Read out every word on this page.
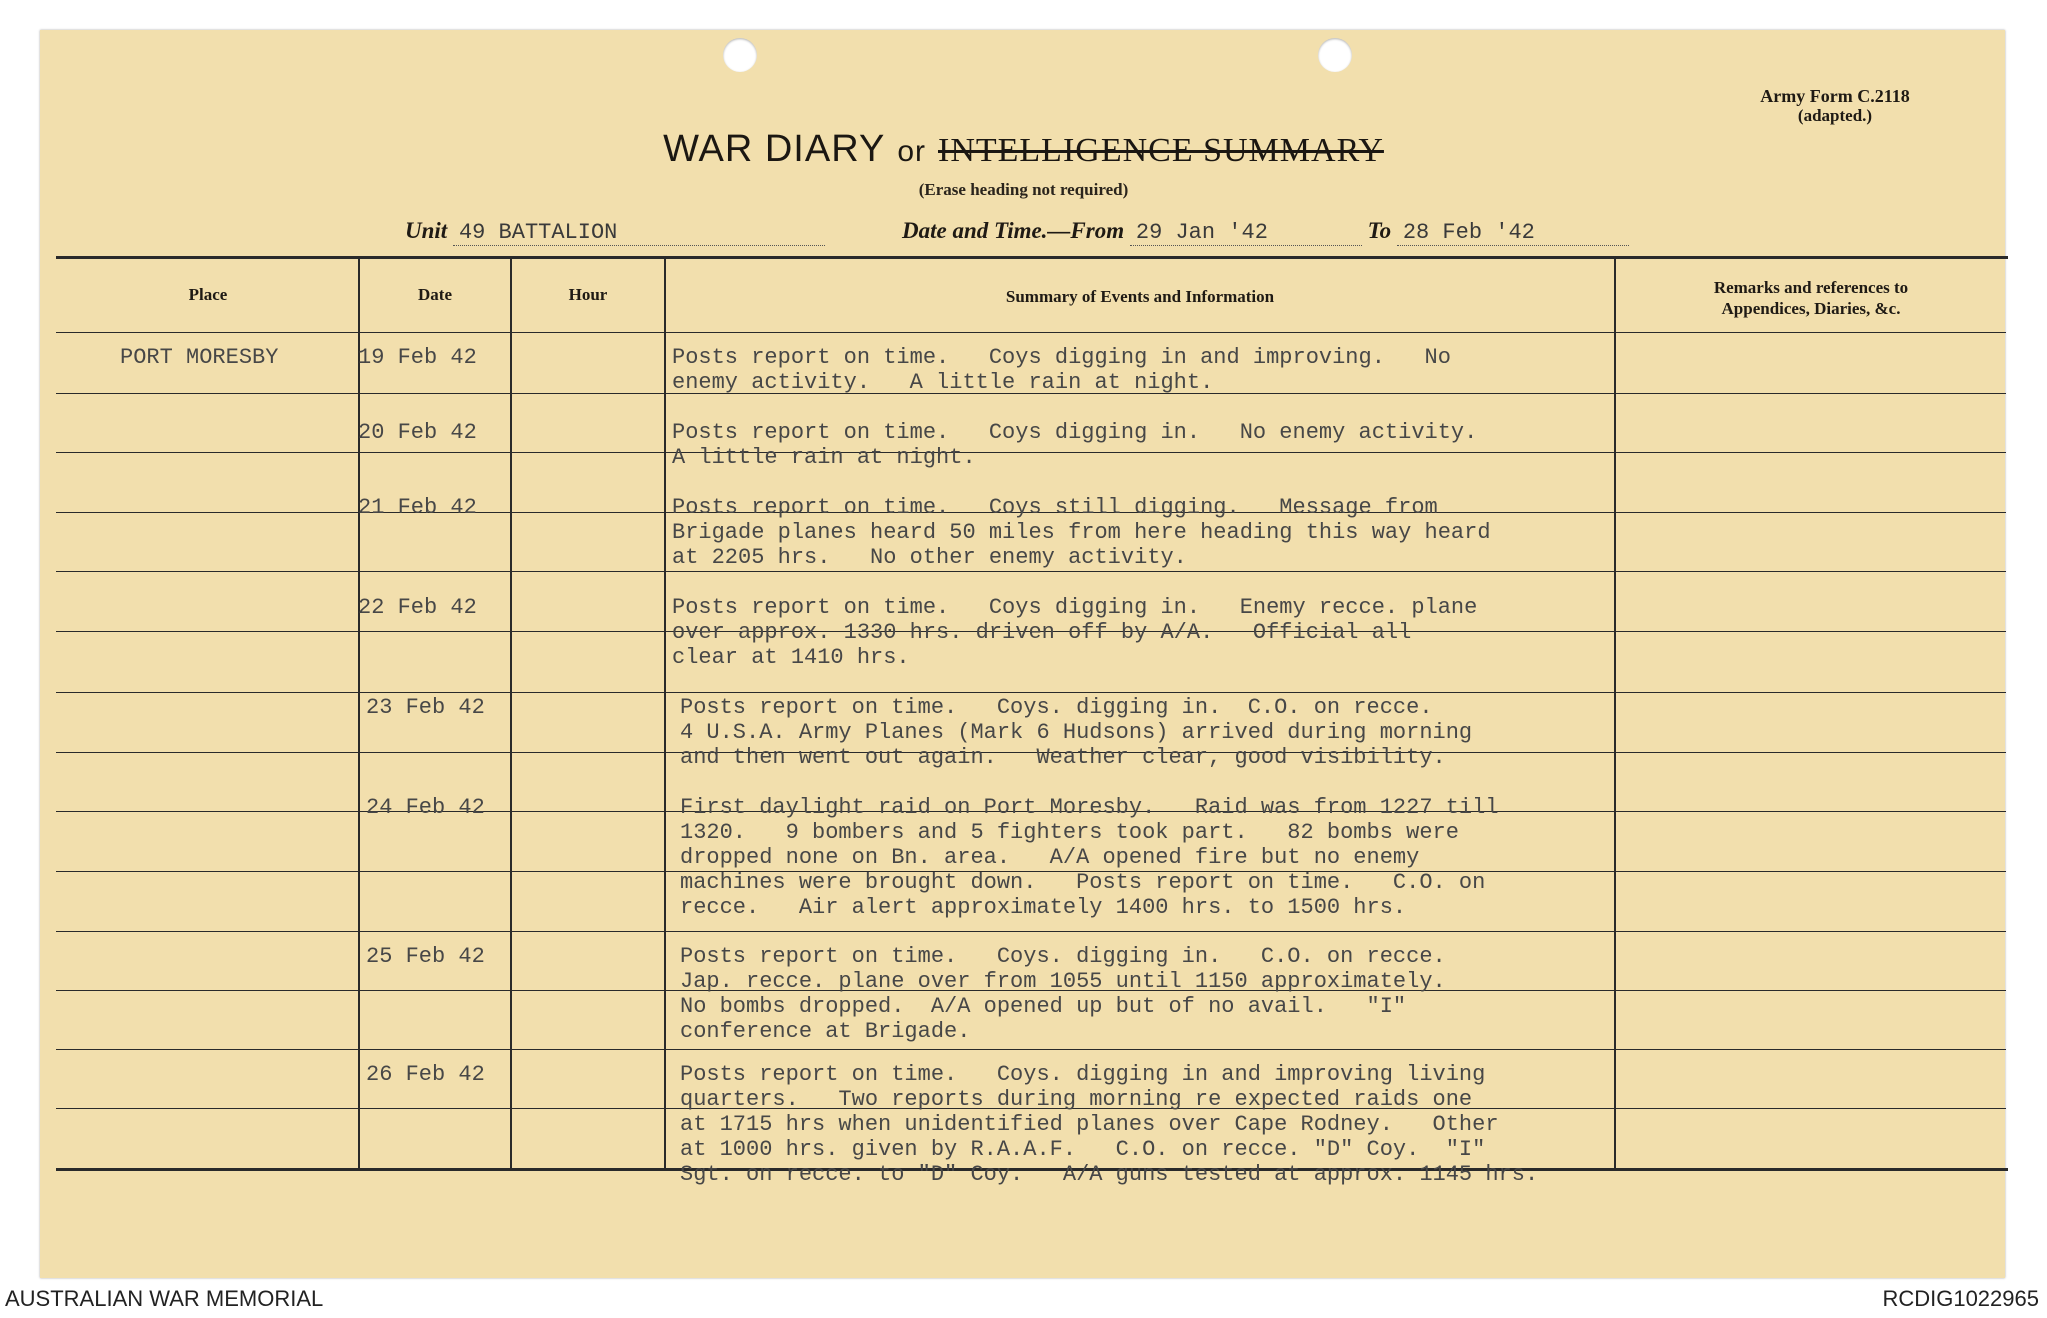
Army Form C.2118
(adapted.)
WAR DIARY or INTELLIGENCE SUMMARY
(Erase heading not required)
Unit 49 BATTALION	Date and Time.—From 29 Jan '42	To 28 Feb '42
Place	Date	Hour	Summary of Events and Information	Remarks and references to
Appendices, Diaries, &c.
PORT MORESBY	19 Feb 42	Posts report on time.   Coys digging in and improving.   No
enemy activity.   A little rain at night.
20 Feb 42	Posts report on time.   Coys digging in.   No enemy activity.
A little rain at night.
21 Feb 42	Posts report on time.   Coys still digging.   Message from
Brigade planes heard 50 miles from here heading this way heard
at 2205 hrs.   No other enemy activity.
22 Feb 42	Posts report on time.   Coys digging in.   Enemy recce. plane
over approx. 1330 hrs. driven off by A/A.   Official all
clear at 1410 hrs.
23 Feb 42	Posts report on time.   Coys. digging in.  C.O. on recce.
4 U.S.A. Army Planes (Mark 6 Hudsons) arrived during morning
and then went out again.   Weather clear, good visibility.
24 Feb 42	First daylight raid on Port Moresby.   Raid was from 1227 till
1320.   9 bombers and 5 fighters took part.   82 bombs were
dropped none on Bn. area.   A/A opened fire but no enemy
machines were brought down.   Posts report on time.   C.O. on
recce.   Air alert approximately 1400 hrs. to 1500 hrs.
25 Feb 42	Posts report on time.   Coys. digging in.   C.O. on recce.
Jap. recce. plane over from 1055 until 1150 approximately.
No bombs dropped.  A/A opened up but of no avail.   "I"
conference at Brigade.
26 Feb 42	Posts report on time.   Coys. digging in and improving living
quarters.   Two reports during morning re expected raids one
at 1715 hrs when unidentified planes over Cape Rodney.   Other
at 1000 hrs. given by R.A.A.F.   C.O. on recce. "D" Coy.  "I"
Sgt. on recce. to "D" Coy.   A/A guns tested at approx. 1145 hrs.
AUSTRALIAN WAR MEMORIAL	RCDIG1022965
